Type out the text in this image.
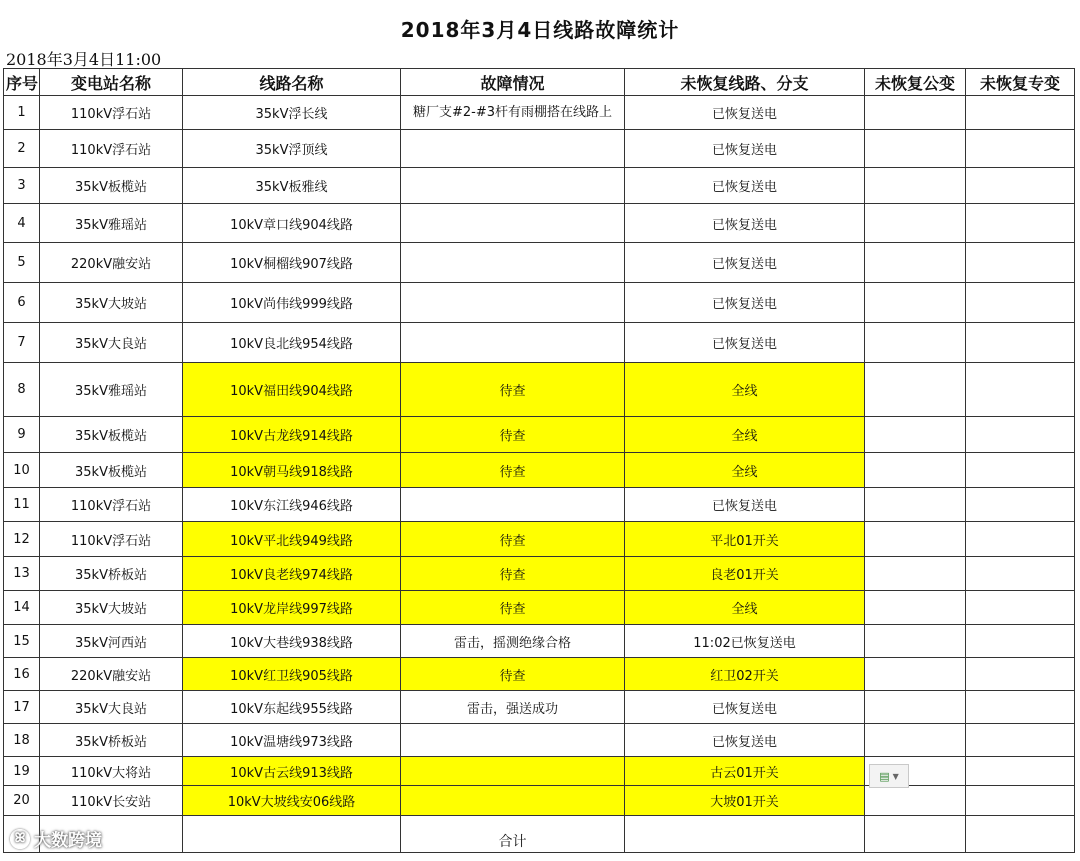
2018年3月4日线路故障统计
2018年3月4日11:00
序号	变电站名称	线路名称	故障情况	未恢复线路、分支	未恢复公变	未恢复专变
1	110kV浮石站	35kV浮长线	糖厂支#2-#3杆有雨棚搭在线路上	已恢复送电		
2	110kV浮石站	35kV浮顶线		已恢复送电		
3	35kV板榄站	35kV板雅线		已恢复送电		
4	35kV雅瑶站	10kV章口线904线路		已恢复送电		
5	220kV融安站	10kV桐榴线907线路		已恢复送电		
6	35kV大坡站	10kV尚伟线999线路		已恢复送电		
7	35kV大良站	10kV良北线954线路		已恢复送电		
8	35kV雅瑶站	10kV福田线904线路	待查	全线		
9	35kV板榄站	10kV古龙线914线路	待查	全线		
10	35kV板榄站	10kV朝马线918线路	待查	全线		
11	110kV浮石站	10kV东江线946线路		已恢复送电		
12	110kV浮石站	10kV平北线949线路	待查	平北01开关		
13	35kV桥板站	10kV良老线974线路	待查	良老01开关		
14	35kV大坡站	10kV龙岸线997线路	待查	全线		
15	35kV河西站	10kV大巷线938线路	雷击，摇测绝缘合格	11:02已恢复送电		
16	220kV融安站	10kV红卫线905线路	待查	红卫02开关		
17	35kV大良站	10kV东起线955线路	雷击，强送成功	已恢复送电		
18	35kV桥板站	10kV温塘线973线路		已恢复送电		
19	110kV大将站	10kV古云线913线路		古云01开关		
20	110kV长安站	10kV大坡线安06线路		大坡01开关		

			合计			

▤ ▼
ꕤ 大数跨境
